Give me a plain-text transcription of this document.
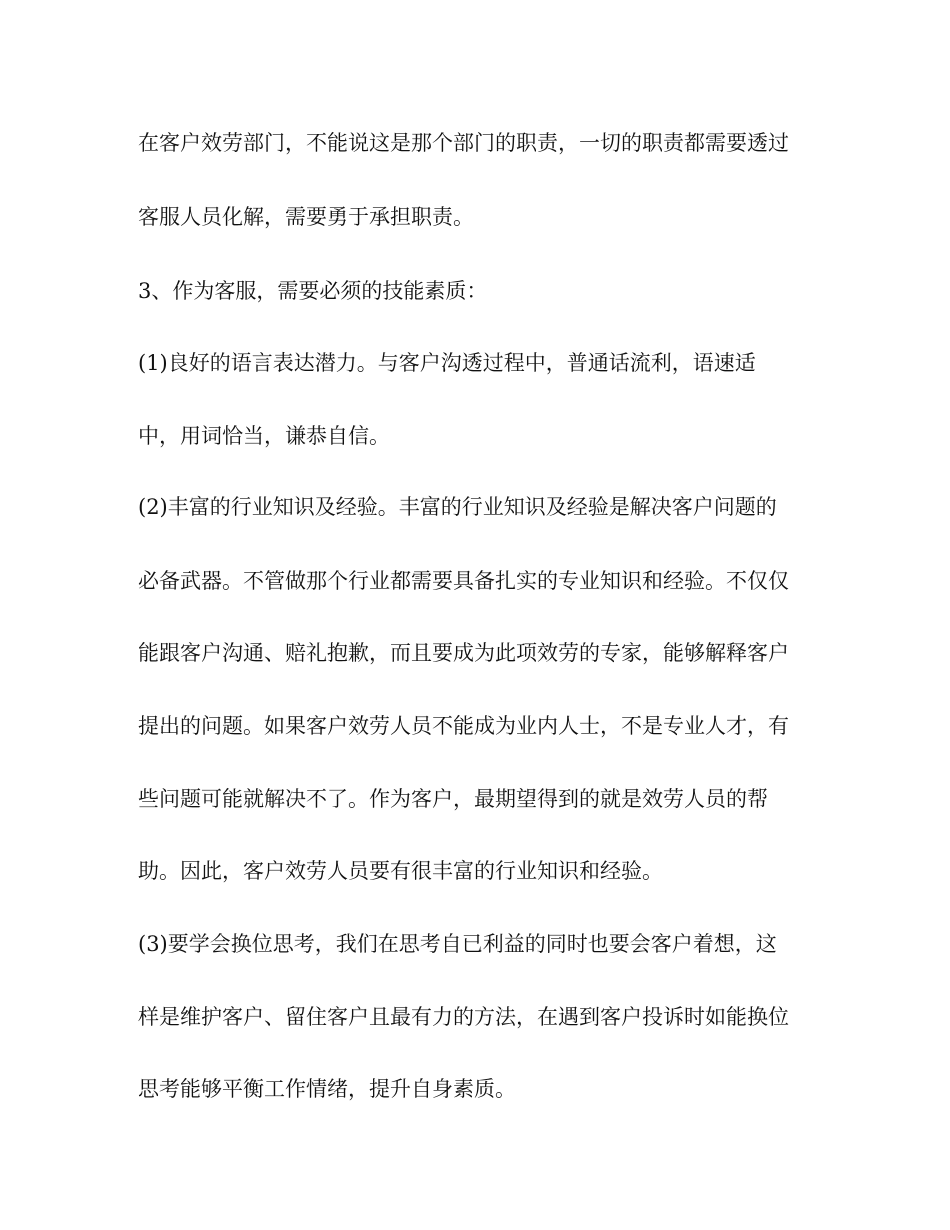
在客户效劳部门，不能说这是那个部门的职责，一切的职责都需要透过
客服人员化解，需要勇于承担职责。
3、作为客服，需要必须的技能素质：
(1)良好的语言表达潜力。与客户沟透过程中，普通话流利，语速适
中，用词恰当，谦恭自信。
(2)丰富的行业知识及经验。丰富的行业知识及经验是解决客户问题的
必备武器。不管做那个行业都需要具备扎实的专业知识和经验。不仅仅
能跟客户沟通、赔礼抱歉，而且要成为此项效劳的专家，能够解释客户
提出的问题。如果客户效劳人员不能成为业内人士，不是专业人才，有
些问题可能就解决不了。作为客户，最期望得到的就是效劳人员的帮
助。因此，客户效劳人员要有很丰富的行业知识和经验。
(3)要学会换位思考，我们在思考自已利益的同时也要会客户着想，这
样是维护客户、留住客户且最有力的方法，在遇到客户投诉时如能换位
思考能够平衡工作情绪，提升自身素质。
